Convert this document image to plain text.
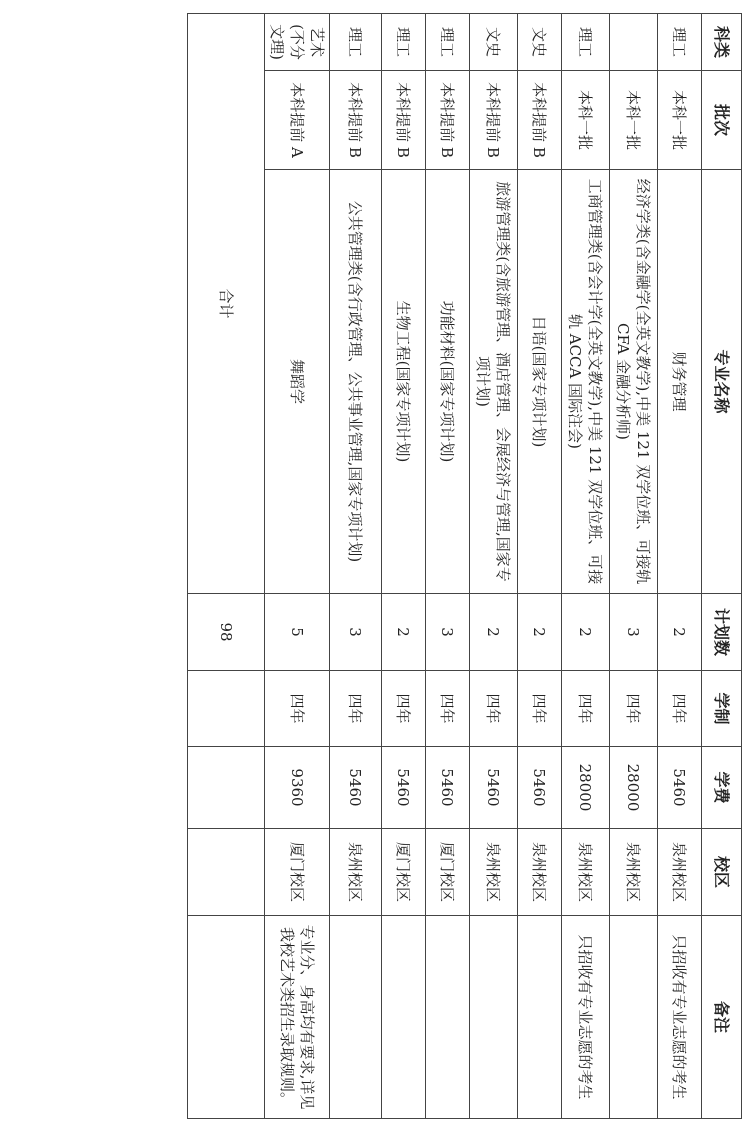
科类	批次	专业名称	计划数	学制	学费	校区	备注
理工	本科一批	财务管理	2	四年	5460	泉州校区	只招收有专业志愿的考生
	本科一批	经济学类(含金融学(全英文教学),中美 121 双学位班、可接轨 CFA 金融分析师)	3	四年	28000	泉州校区	
理工	本科一批	工商管理类(含会计学(全英文教学),中美 121 双学位班、可接轨 ACCA 国际注会)	2	四年	28000	泉州校区	只招收有专业志愿的考生
文史	本科提前 B	日语(国家专项计划)	2	四年	5460	泉州校区	
文史	本科提前 B	旅游管理类(含旅游管理、酒店管理、会展经济与管理,国家专项计划)	2	四年	5460	泉州校区	
理工	本科提前 B	功能材料(国家专项计划)	3	四年	5460	厦门校区	
理工	本科提前 B	生物工程(国家专项计划)	2	四年	5460	厦门校区	
理工	本科提前 B	公共管理类(含行政管理、公共事业管理,国家专项计划)	3	四年	5460	泉州校区	
艺术(不分文理)	本科提前 A	舞蹈学	5	四年	9360	厦门校区	专业分、身高均有要求,详见我校艺术类招生录取规则。
合计			98				
